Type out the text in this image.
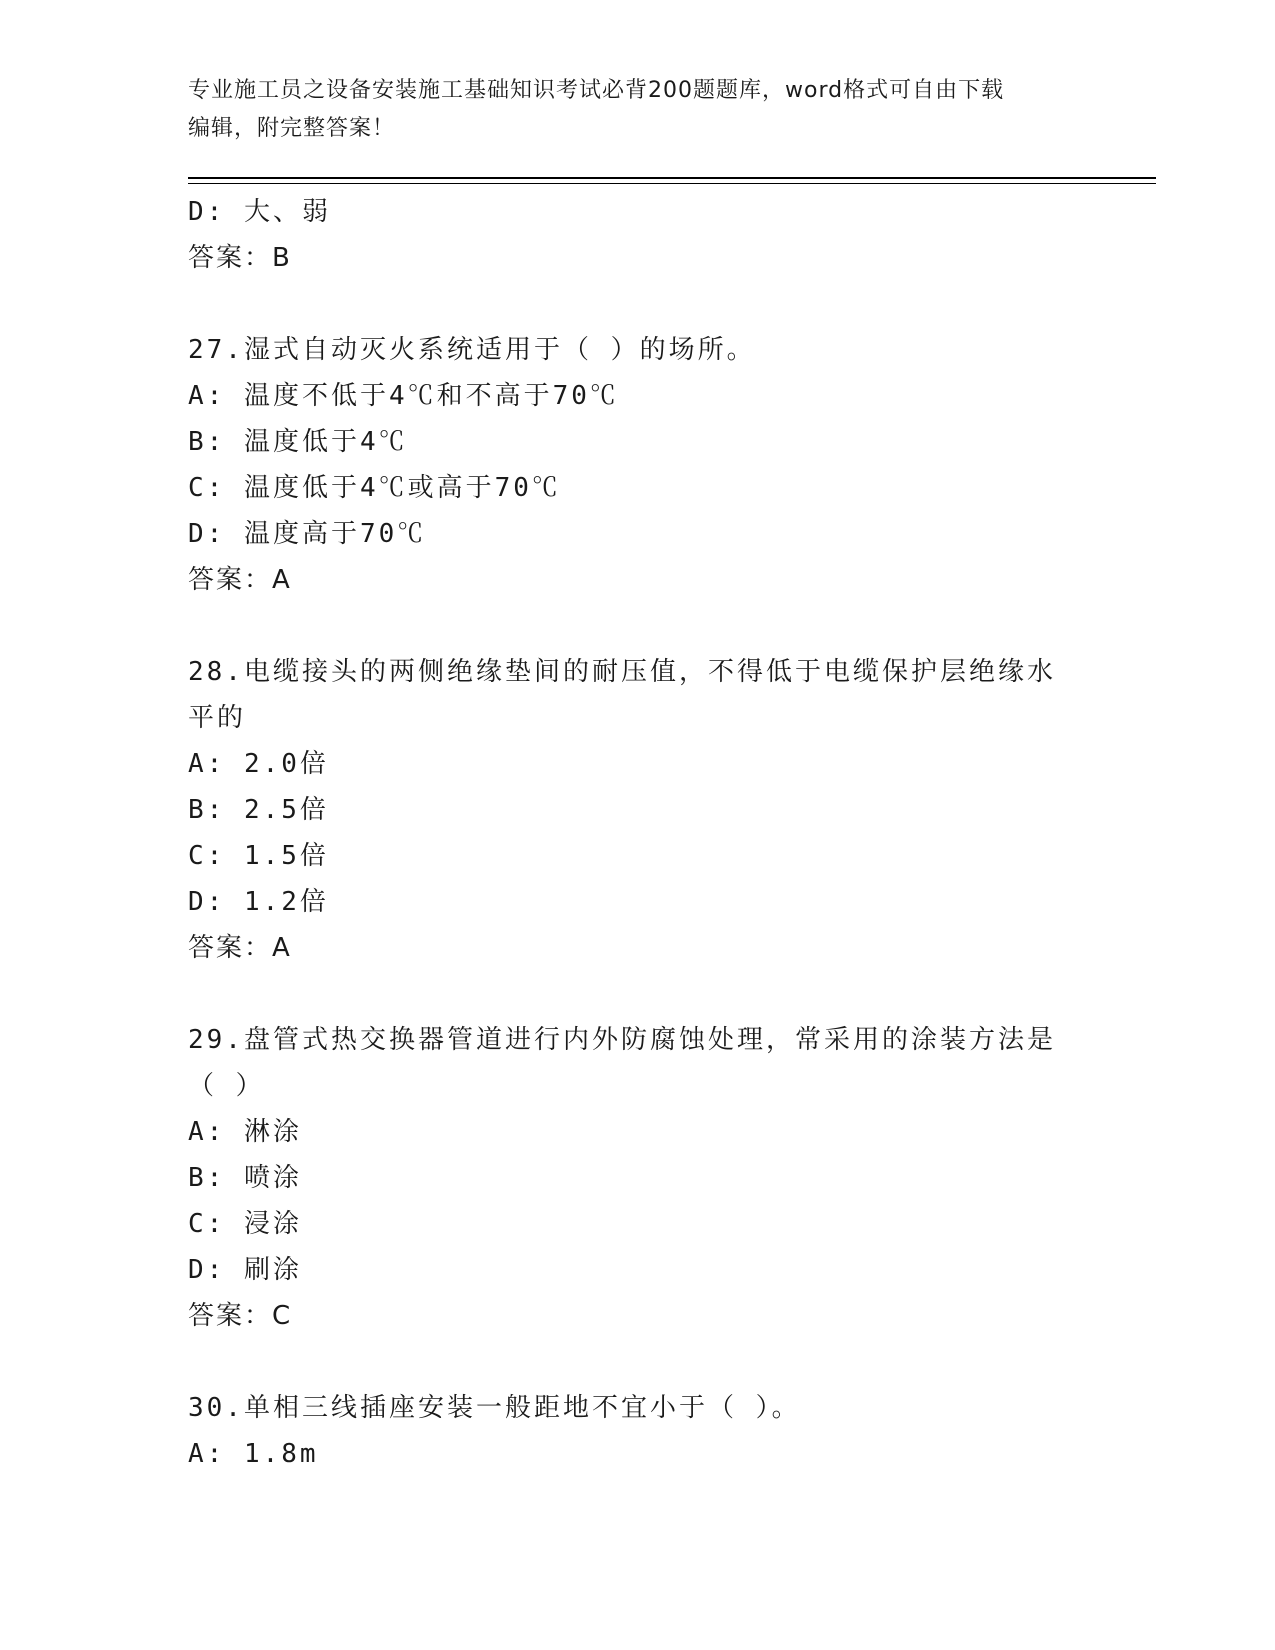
专业施工员之设备安装施工基础知识考试必背200题题库，word格式可自由下载
编辑，附完整答案！
D: 大、弱
答案：B
27.湿式自动灭火系统适用于（ ）的场所。
A: 温度不低于4℃和不高于70℃
B: 温度低于4℃
C: 温度低于4℃或高于70℃
D: 温度高于70℃
答案：A
28.电缆接头的两侧绝缘垫间的耐压值，不得低于电缆保护层绝缘水平的
A: 2.0倍
B: 2.5倍
C: 1.5倍
D: 1.2倍
答案：A
29.盘管式热交换器管道进行内外防腐蚀处理，常采用的涂装方法是（ ）
A: 淋涂
B: 喷涂
C: 浸涂
D: 刷涂
答案：C
30.单相三线插座安装一般距地不宜小于（ ）。
A: 1.8m
